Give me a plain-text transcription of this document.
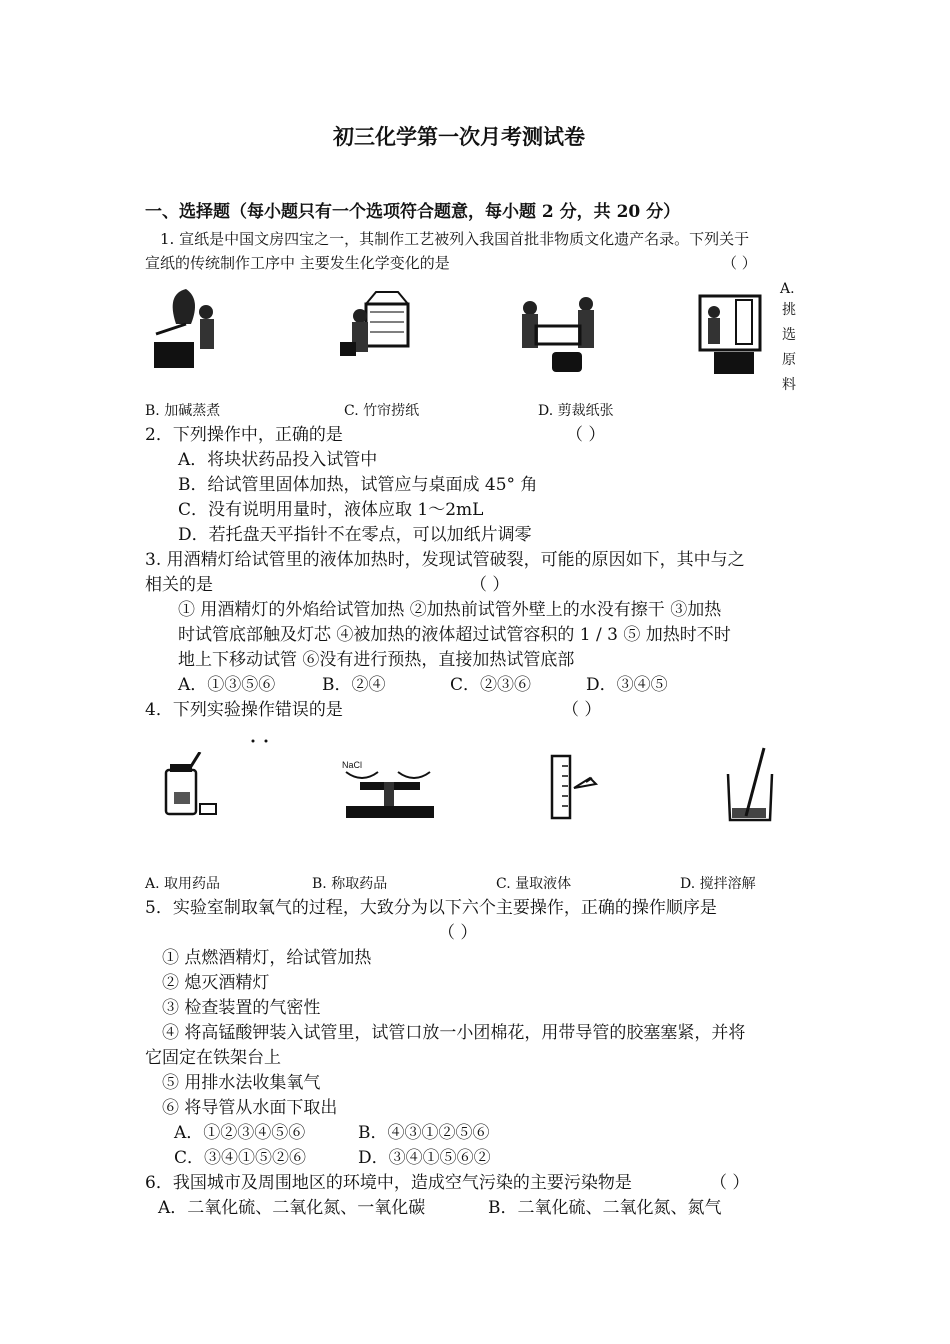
初三化学第一次月考测试卷
一、选择题（每小题只有一个选项符合题意，每小题 2 分，共 20 分）
1. 宣纸是中国文房四宝之一，其制作工艺被列入我国首批非物质文化遗产名录。下列关于
宣纸的传统制作工序中 主要发生化学变化的是	（ ）
A.
挑
选
原
料
B. 加碱蒸煮	C. 竹帘捞纸	D. 剪裁纸张
2．下列操作中，正确的是	（ ）
A．将块状药品投入试管中
B．给试管里固体加热，试管应与桌面成 45° 角
C．没有说明用量时，液体应取 1～2mL
D．若托盘天平指针不在零点，可以加纸片调零
3. 用酒精灯给试管里的液体加热时，发现试管破裂，可能的原因如下，其中与之
相关的是	（ ）
① 用酒精灯的外焰给试管加热 ②加热前试管外壁上的水没有擦干 ③加热
时试管底部触及灯芯 ④被加热的液体超过试管容积的 1 / 3 ⑤ 加热时不时
地上下移动试管 ⑥没有进行预热，直接加热试管底部
A．①③⑤⑥	B．②④	C．②③⑥	D．③④⑤
4．下列实验操作错误的是	（ ）
NaCl
A. 取用药品	B. 称取药品	C. 量取液体	D. 搅拌溶解
5．实验室制取氧气的过程，大致分为以下六个主要操作，正确的操作顺序是
（ ）
① 点燃酒精灯，给试管加热
② 熄灭酒精灯
③ 检查装置的气密性
④ 将高锰酸钾装入试管里，试管口放一小团棉花，用带导管的胶塞塞紧，并将
它固定在铁架台上
⑤ 用排水法收集氧气
⑥ 将导管从水面下取出
A．①②③④⑤⑥	B．④③①②⑤⑥
C．③④①⑤②⑥	D．③④①⑤⑥②
6．我国城市及周围地区的环境中，造成空气污染的主要污染物是	（ ）
A．二氧化硫、二氧化氮、一氧化碳	B．二氧化硫、二氧化氮、氮气
